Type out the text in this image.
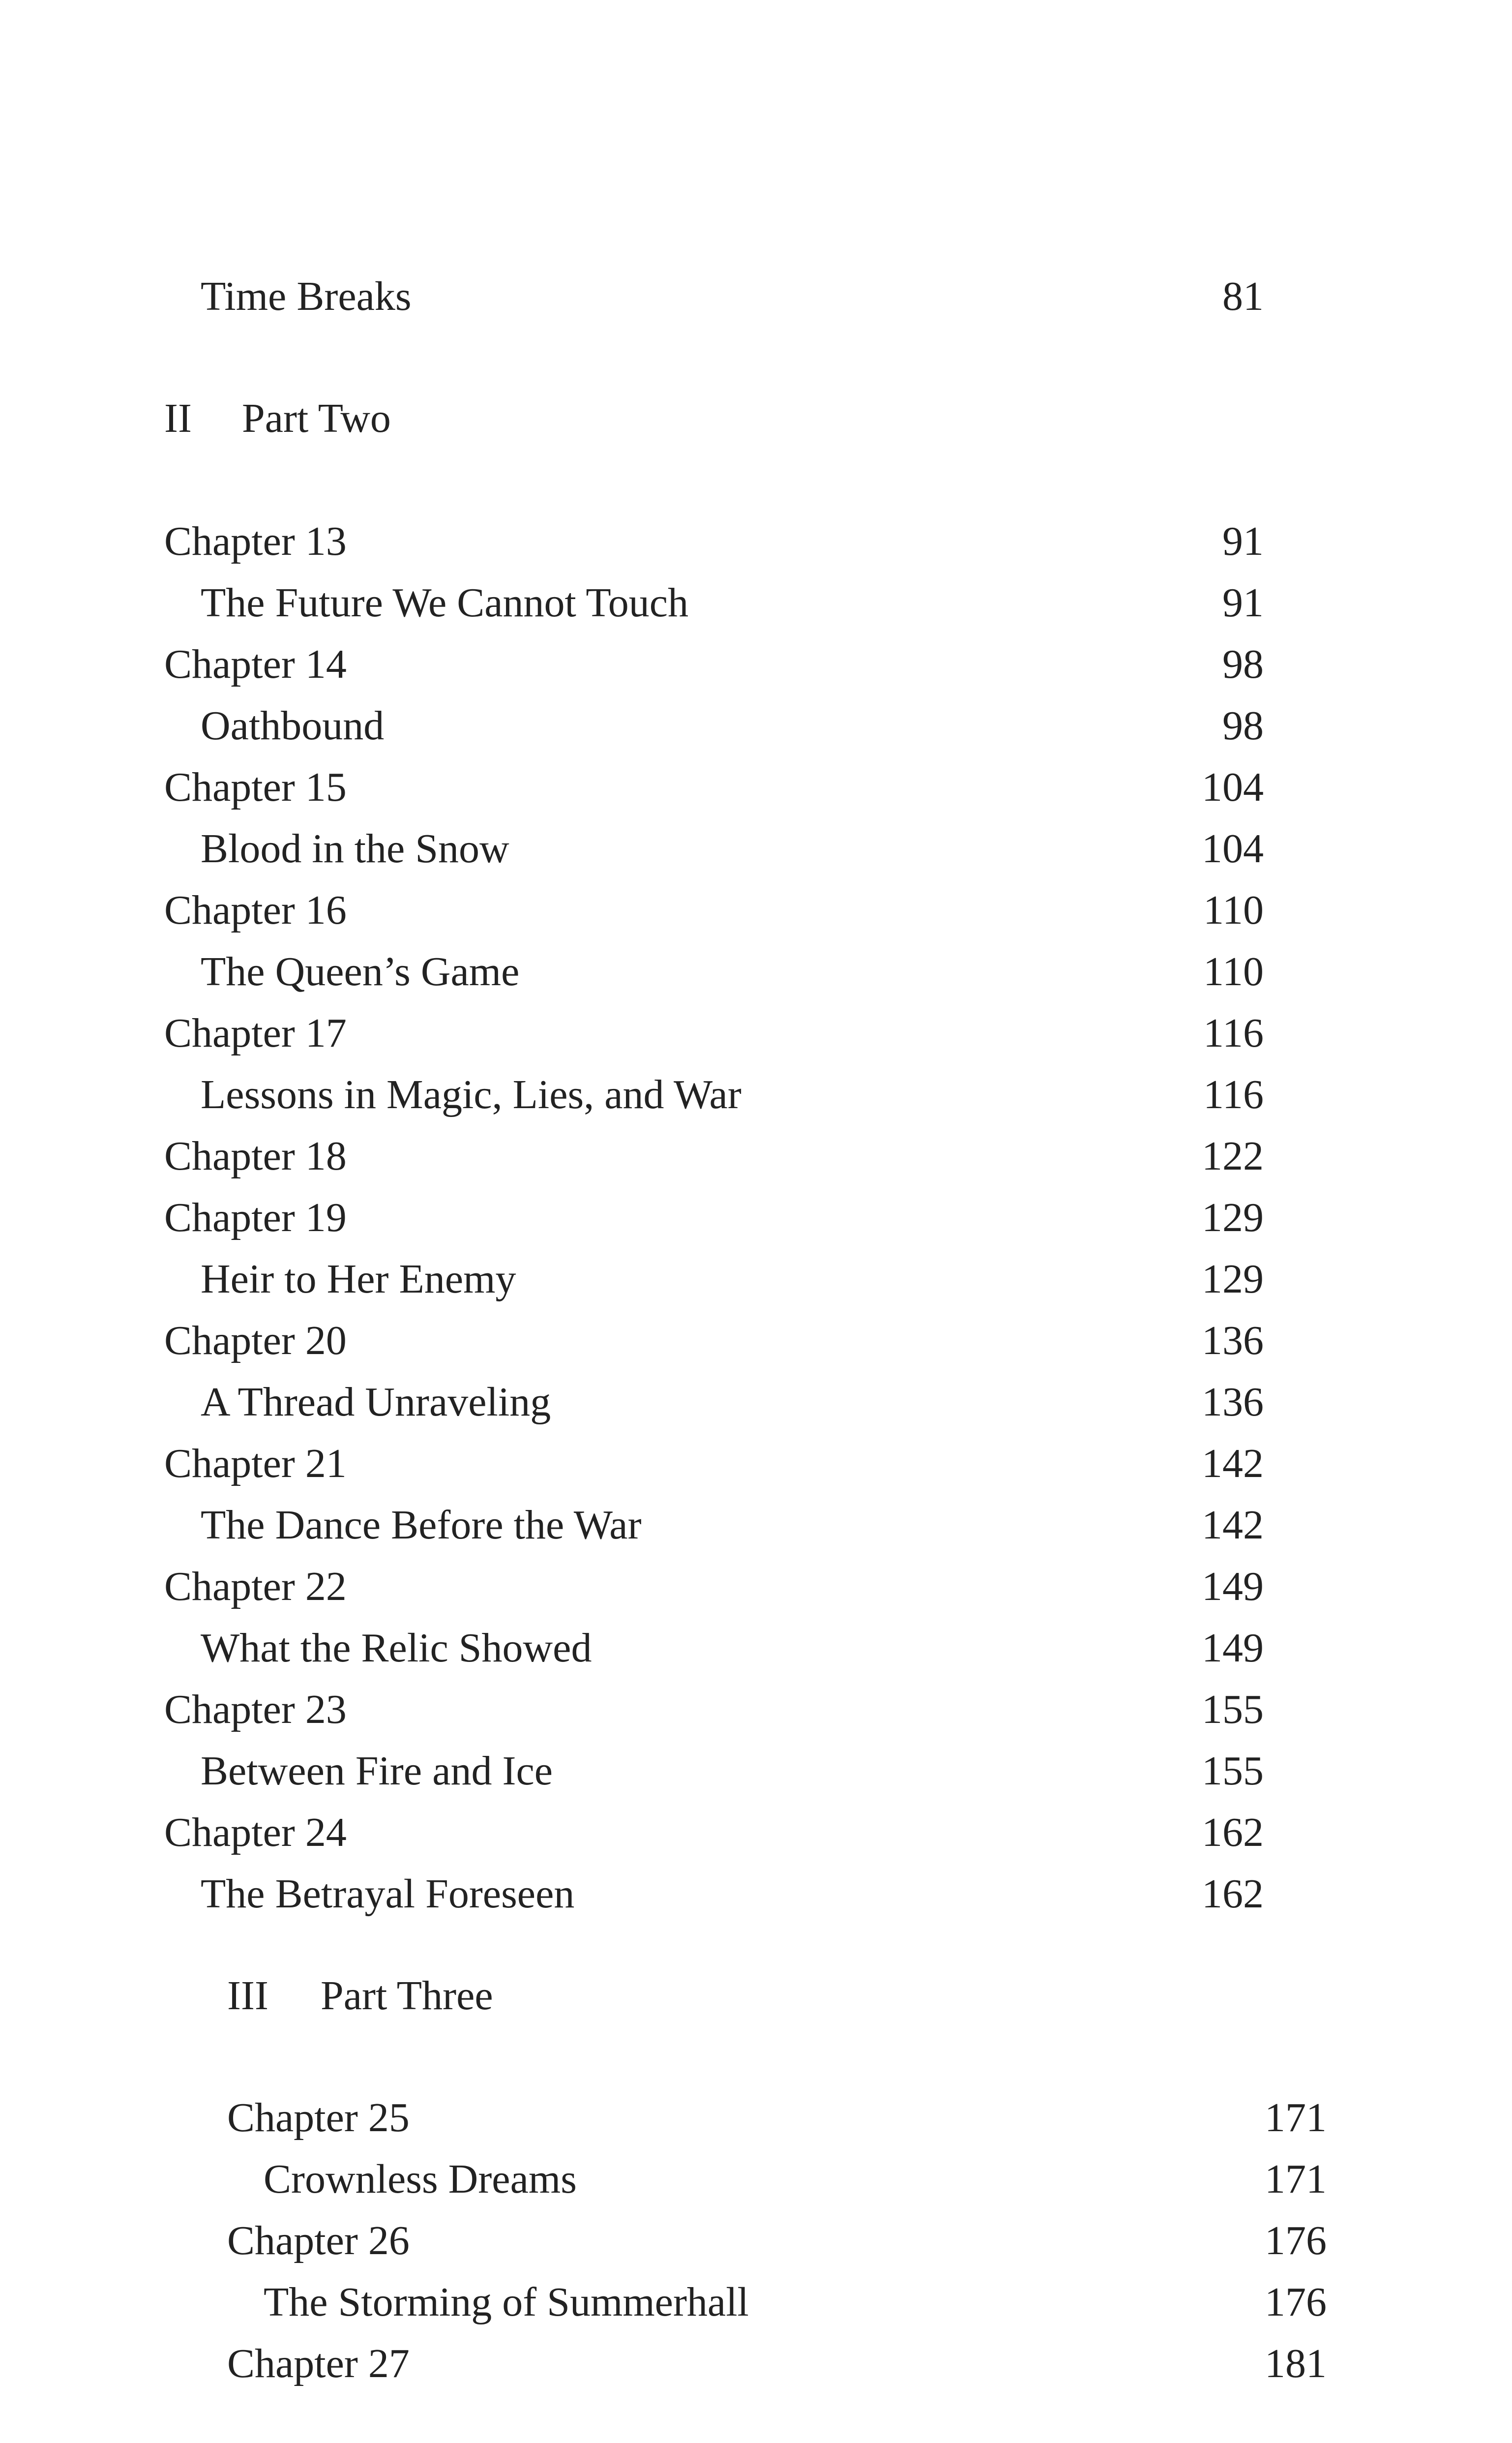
Time Breaks	81
II Part Two
Chapter 13	91
The Future We Cannot Touch	91
Chapter 14	98
Oathbound	98
Chapter 15	104
Blood in the Snow	104
Chapter 16	110
The Queen’s Game	110
Chapter 17	116
Lessons in Magic, Lies, and War	116
Chapter 18	122
Chapter 19	129
Heir to Her Enemy	129
Chapter 20	136
A Thread Unraveling	136
Chapter 21	142
The Dance Before the War	142
Chapter 22	149
What the Relic Showed	149
Chapter 23	155
Between Fire and Ice	155
Chapter 24	162
The Betrayal Foreseen	162
III Part Three
Chapter 25	171
Crownless Dreams	171
Chapter 26	176
The Storming of Summerhall	176
Chapter 27	181
